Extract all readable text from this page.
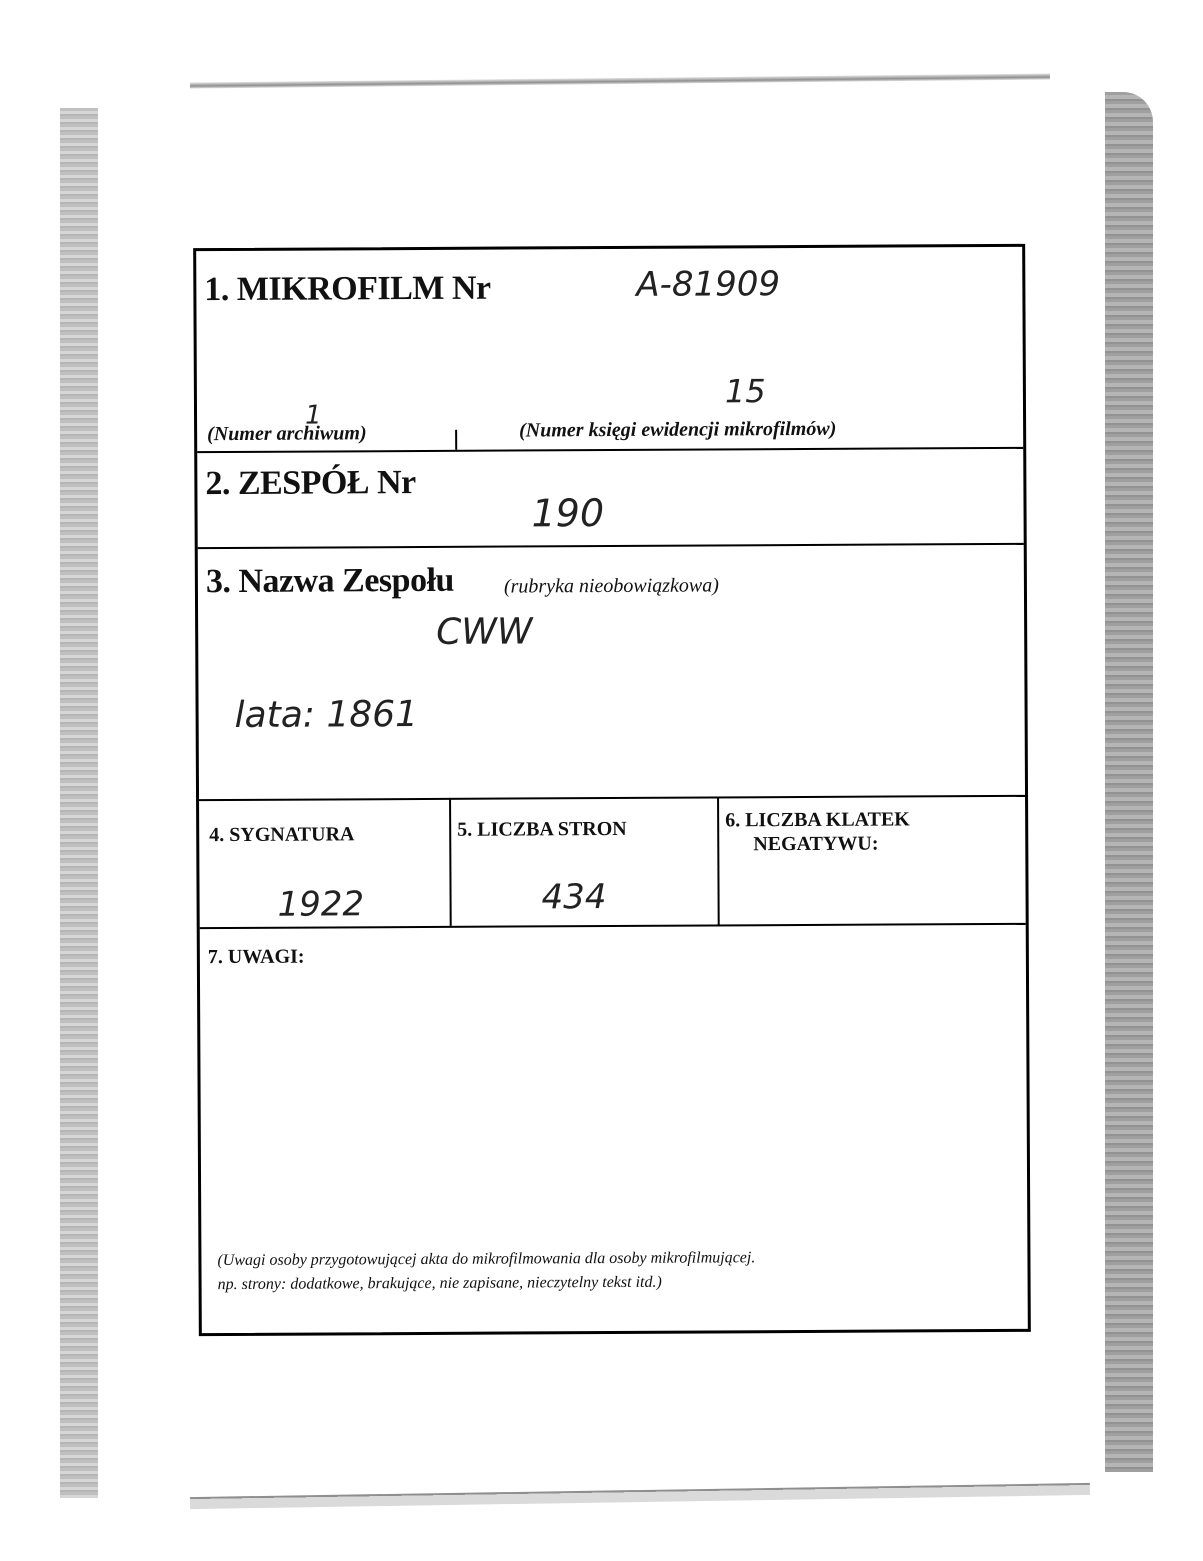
1. MIKROFILM Nr	A-81909
15
1
(Numer archiwum)	(Numer księgi ewidencji mikrofilmów)
2. ZESPÓŁ Nr
190
3. Nazwa Zespołu (rubryka nieobowiązkowa)
CWW
lata: 1861
4. SYGNATURA
1922
5. LICZBA STRON
434
6. LICZBA KLATEK
NEGATYWU:
7. UWAGI:
(Uwagi osoby przygotowującej akta do mikrofilmowania dla osoby mikrofilmującej.
np. strony: dodatkowe, brakujące, nie zapisane, nieczytelny tekst itd.)
